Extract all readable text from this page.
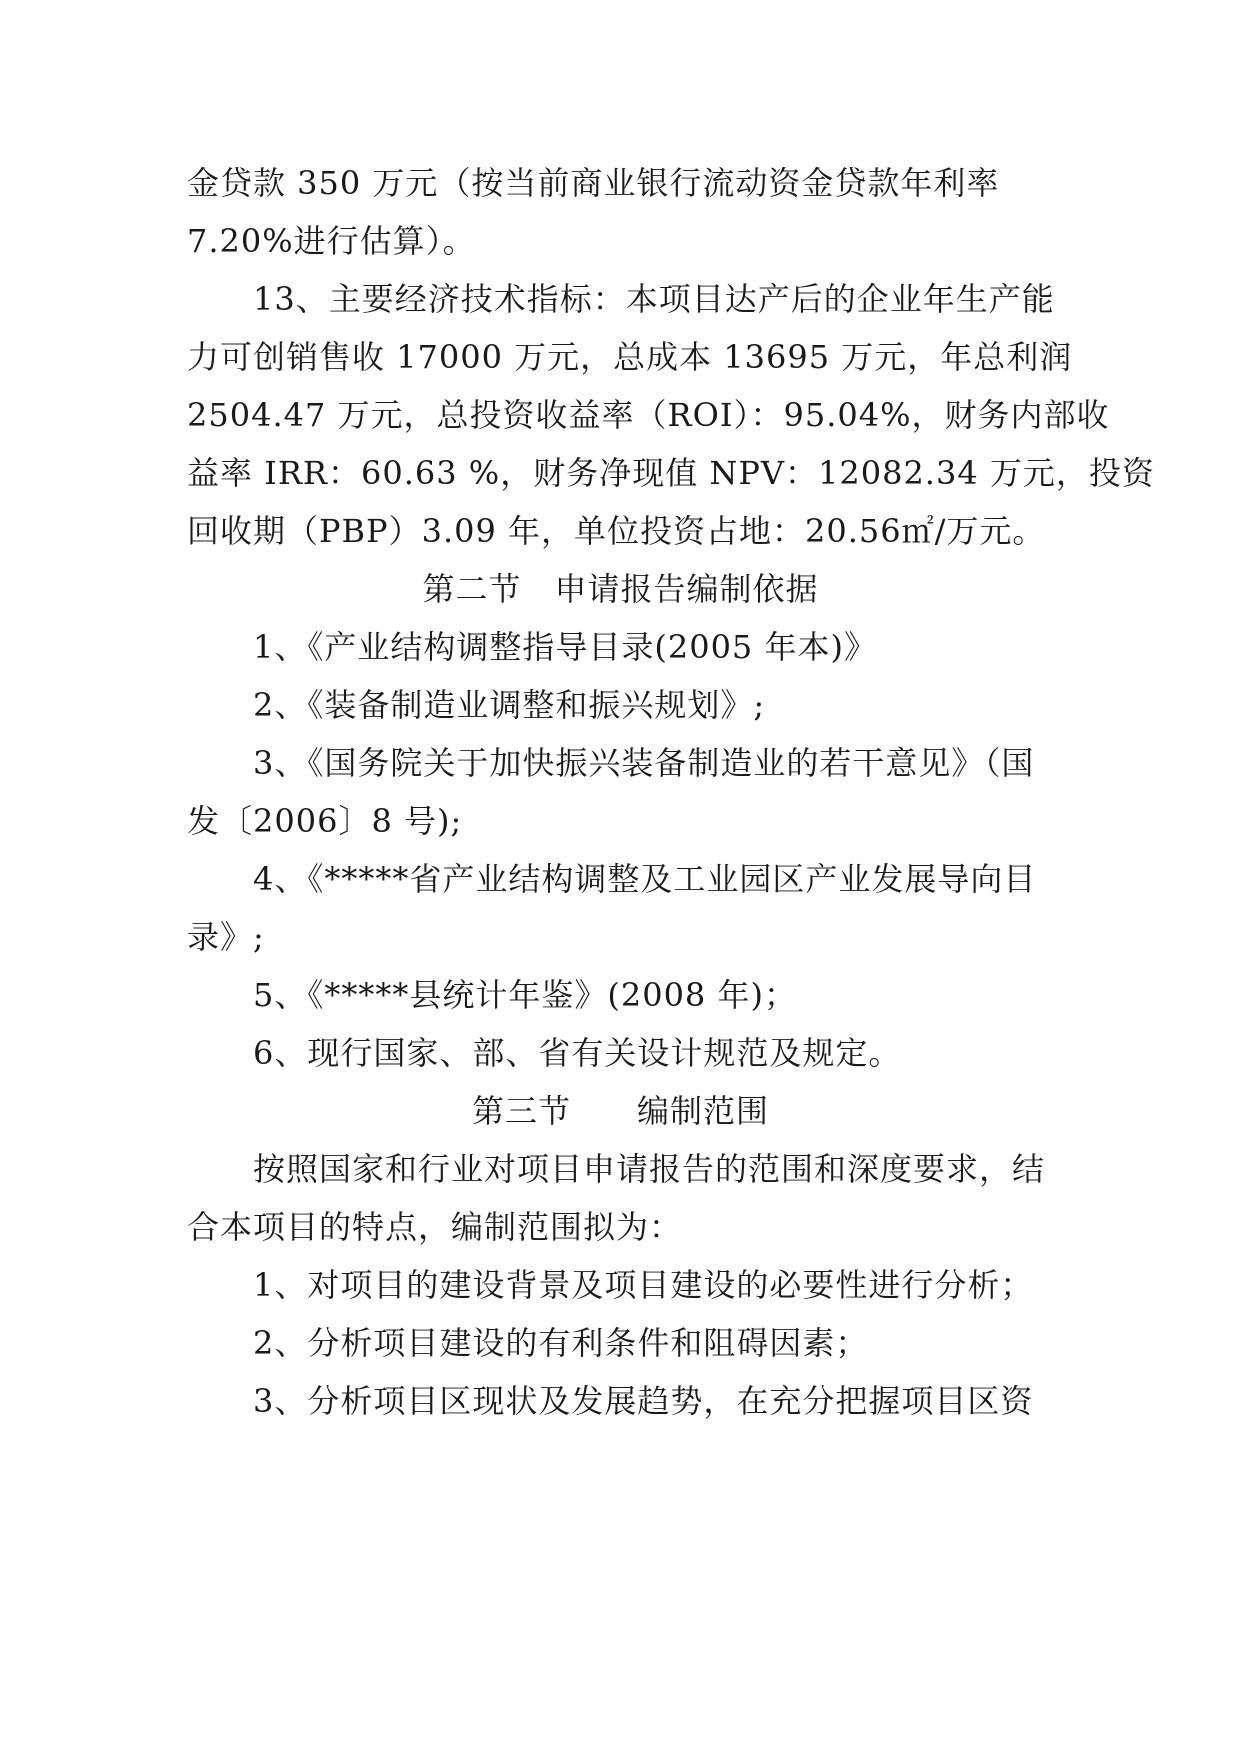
金贷款 350 万元（按当前商业银行流动资金贷款年利率
7.20%进行估算）。
13、主要经济技术指标：本项目达产后的企业年生产能
力可创销售收 17000 万元，总成本 13695 万元，年总利润
2504.47 万元，总投资收益率（ROI）：95.04%，财务内部收
益率 IRR：60.63 %，财务净现值 NPV：12082.34 万元，投资
回收期（PBP）3.09 年，单位投资占地：20.56㎡/万元。
第二节　申请报告编制依据
1、《产业结构调整指导目录(2005 年本)》
2、《装备制造业调整和振兴规划》;
3、《国务院关于加快振兴装备制造业的若干意见》（国
发〔2006〕8 号);
4、《*****省产业结构调整及工业园区产业发展导向目
录》;
5、《*****县统计年鉴》(2008 年)；
6、现行国家、部、省有关设计规范及规定。
第三节　　编制范围
按照国家和行业对项目申请报告的范围和深度要求，结
合本项目的特点，编制范围拟为：
1、对项目的建设背景及项目建设的必要性进行分析；
2、分析项目建设的有利条件和阻碍因素；
3、分析项目区现状及发展趋势，在充分把握项目区资
